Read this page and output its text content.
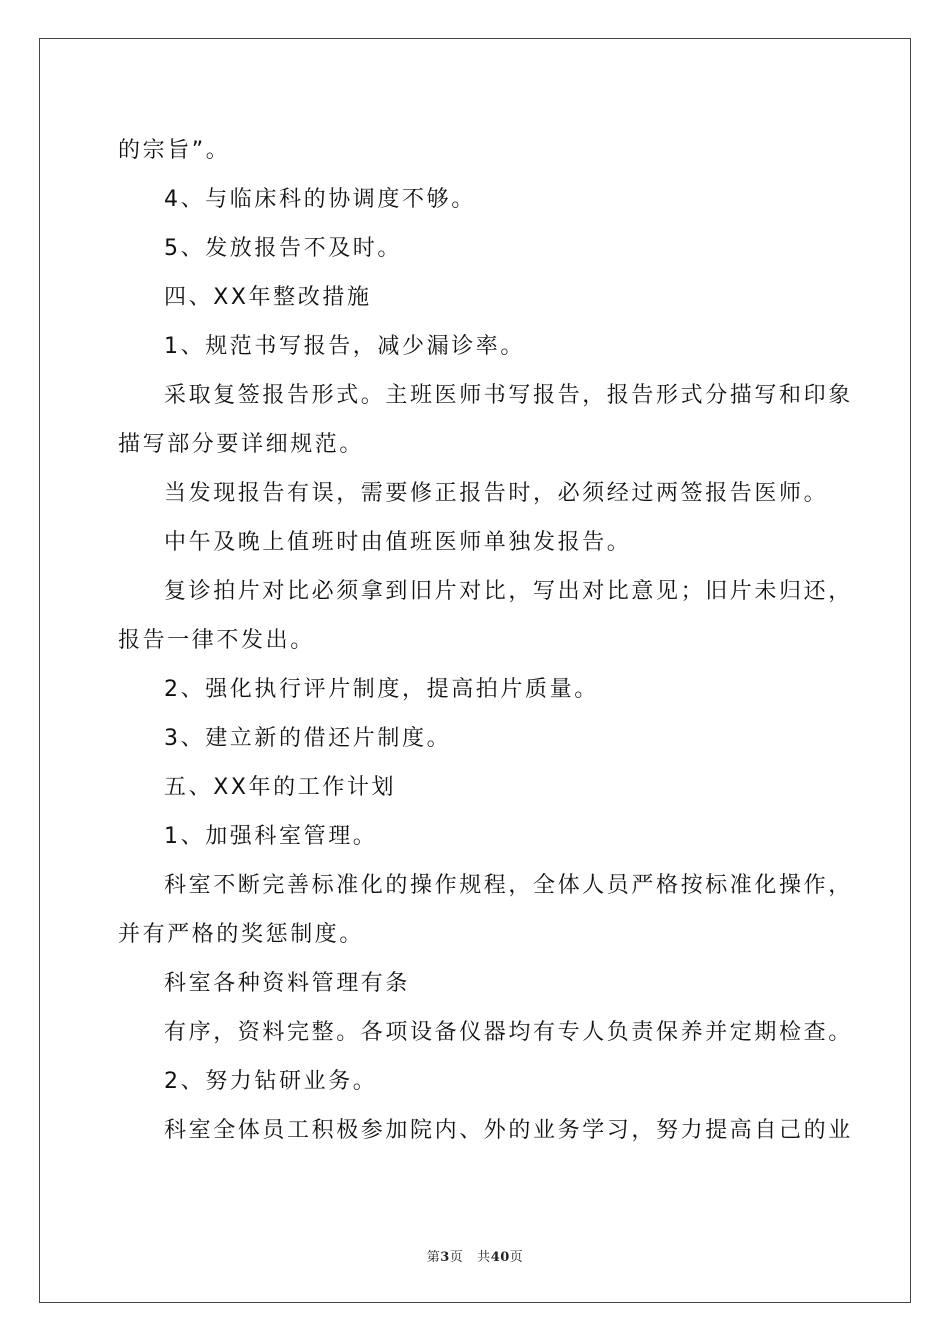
的宗旨”。
4、与临床科的协调度不够。
5、发放报告不及时。
四、XX年整改措施
1、规范书写报告，减少漏诊率。
采取复签报告形式。主班医师书写报告，报告形式分描写和印象
描写部分要详细规范。
当发现报告有误，需要修正报告时，必须经过两签报告医师。
中午及晚上值班时由值班医师单独发报告。
复诊拍片对比必须拿到旧片对比，写出对比意见；旧片未归还，
报告一律不发出。
2、强化执行评片制度，提高拍片质量。
3、建立新的借还片制度。
五、XX年的工作计划
1、加强科室管理。
科室不断完善标准化的操作规程，全体人员严格按标准化操作，
并有严格的奖惩制度。
科室各种资料管理有条
有序，资料完整。各项设备仪器均有专人负责保养并定期检查。
2、努力钻研业务。
科室全体员工积极参加院内、外的业务学习，努力提高自己的业
第3页 共40页
